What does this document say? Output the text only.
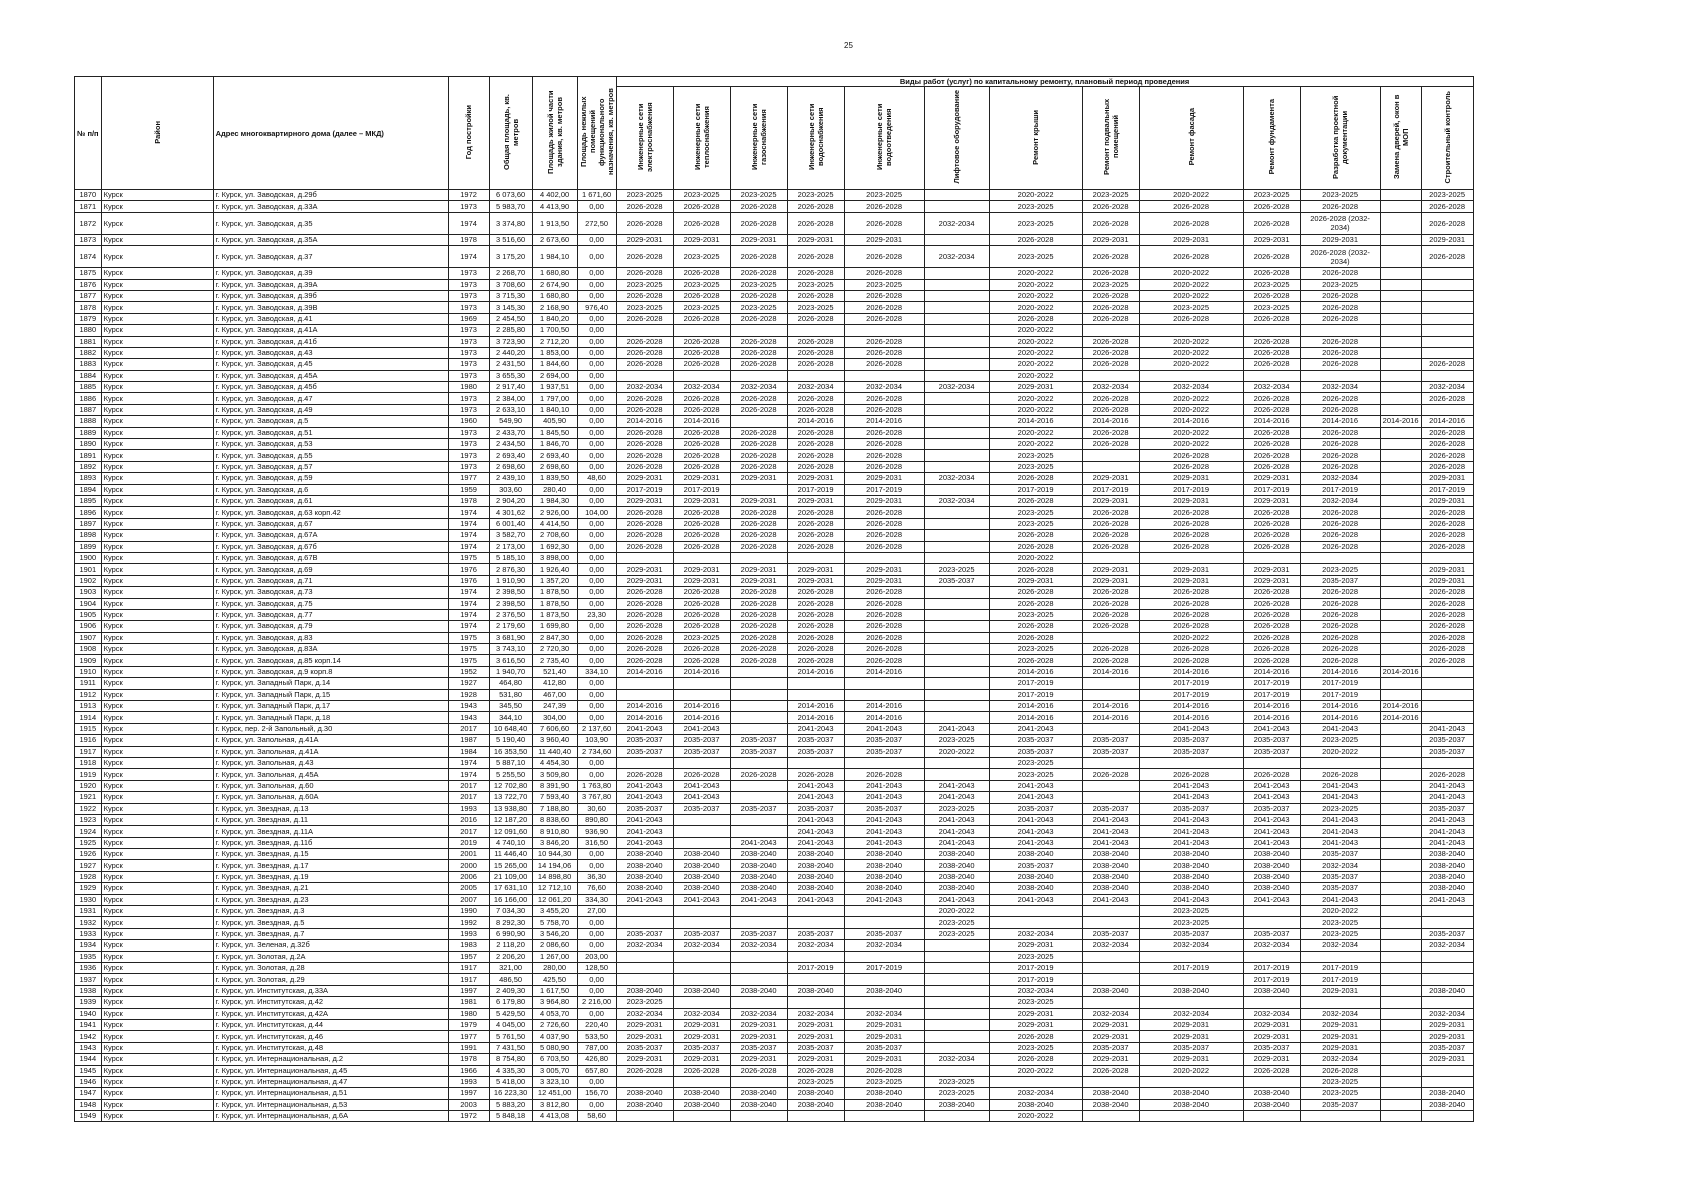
25
№ п/п	Район	Адрес многоквартирного дома (далее – МКД)	Год постройки	Общая площадь, кв. метров	Площадь жилой части здания, кв. метров	Площадь нежилых помещений функционального назначения, кв. метров	Виды работ (услуг) по капитальному ремонту, плановый период проведения												
							Инженерные сети электроснабжения	Инженерные сети теплоснабжения	Инженерные сети газоснабжения	Инженерные сети водоснабжения	Инженерные сети водоотведения	Лифтовое оборудование	Ремонт крыши	Ремонт подвальных помещений	Ремонт фасада	Ремонт фундамента	Разработка проектной документации	Замена дверей, окон в МОП	Строительный контроль
1870	Курск	г. Курск, ул. Заводская, д.29б	1972	6 073,60	4 402,00	1 671,60	2023-2025	2023-2025	2023-2025	2023-2025	2023-2025		2020-2022	2023-2025	2020-2022	2023-2025	2023-2025		2023-2025
1871	Курск	г. Курск, ул. Заводская, д.33А	1973	5 983,70	4 413,90	0,00	2026-2028	2026-2028	2026-2028	2026-2028	2026-2028		2023-2025	2026-2028	2026-2028	2026-2028	2026-2028		2026-2028
1872	Курск	г. Курск, ул. Заводская, д.35	1974	3 374,80	1 913,50	272,50	2026-2028	2026-2028	2026-2028	2026-2028	2026-2028	2032-2034	2023-2025	2026-2028	2026-2028	2026-2028	2026-2028 (2032-2034)		2026-2028
1873	Курск	г. Курск, ул. Заводская, д.35А	1978	3 516,60	2 673,60	0,00	2029-2031	2029-2031	2029-2031	2029-2031	2029-2031		2026-2028	2029-2031	2029-2031	2029-2031	2029-2031		2029-2031
1874	Курск	г. Курск, ул. Заводская, д.37	1974	3 175,20	1 984,10	0,00	2026-2028	2023-2025	2026-2028	2026-2028	2026-2028	2032-2034	2023-2025	2026-2028	2026-2028	2026-2028	2026-2028 (2032-2034)		2026-2028
1875	Курск	г. Курск, ул. Заводская, д.39	1973	2 268,70	1 680,80	0,00	2026-2028	2026-2028	2026-2028	2026-2028	2026-2028		2020-2022	2026-2028	2020-2022	2026-2028	2026-2028		
1876	Курск	г. Курск, ул. Заводская, д.39А	1973	3 708,60	2 674,90	0,00	2023-2025	2023-2025	2023-2025	2023-2025	2023-2025		2020-2022	2023-2025	2020-2022	2023-2025	2023-2025		
1877	Курск	г. Курск, ул. Заводская, д.39б	1973	3 715,30	1 680,80	0,00	2026-2028	2026-2028	2026-2028	2026-2028	2026-2028		2020-2022	2026-2028	2020-2022	2026-2028	2026-2028		
1878	Курск	г. Курск, ул. Заводская, д.39В	1973	3 145,30	2 168,90	976,40	2023-2025	2023-2025	2023-2025	2023-2025	2026-2028		2020-2022	2026-2028	2023-2025	2023-2025	2026-2028		
1879	Курск	г. Курск, ул. Заводская, д.41	1969	2 454,50	1 840,20	0,00	2026-2028	2026-2028	2026-2028	2026-2028	2026-2028		2026-2028	2026-2028	2026-2028	2026-2028	2026-2028		
1880	Курск	г. Курск, ул. Заводская, д.41А	1973	2 285,80	1 700,50	0,00							2020-2022						
1881	Курск	г. Курск, ул. Заводская, д.41б	1973	3 723,90	2 712,20	0,00	2026-2028	2026-2028	2026-2028	2026-2028	2026-2028		2020-2022	2026-2028	2020-2022	2026-2028	2026-2028		
1882	Курск	г. Курск, ул. Заводская, д.43	1973	2 440,20	1 853,00	0,00	2026-2028	2026-2028	2026-2028	2026-2028	2026-2028		2020-2022	2026-2028	2020-2022	2026-2028	2026-2028		
1883	Курск	г. Курск, ул. Заводская, д.45	1973	2 431,50	1 844,60	0,00	2026-2028	2026-2028	2026-2028	2026-2028	2026-2028		2020-2022	2026-2028	2020-2022	2026-2028	2026-2028		2026-2028
1884	Курск	г. Курск, ул. Заводская, д.45А	1973	3 655,30	2 694,00	0,00							2020-2022						
1885	Курск	г. Курск, ул. Заводская, д.45б	1980	2 917,40	1 937,51	0,00	2032-2034	2032-2034	2032-2034	2032-2034	2032-2034	2032-2034	2029-2031	2032-2034	2032-2034	2032-2034	2032-2034		2032-2034
1886	Курск	г. Курск, ул. Заводская, д.47	1973	2 384,00	1 797,00	0,00	2026-2028	2026-2028	2026-2028	2026-2028	2026-2028		2020-2022	2026-2028	2020-2022	2026-2028	2026-2028		2026-2028
1887	Курск	г. Курск, ул. Заводская, д.49	1973	2 633,10	1 840,10	0,00	2026-2028	2026-2028	2026-2028	2026-2028	2026-2028		2020-2022	2026-2028	2020-2022	2026-2028	2026-2028		
1888	Курск	г. Курск, ул. Заводская, д.5	1960	549,90	405,90	0,00	2014-2016	2014-2016		2014-2016	2014-2016		2014-2016	2014-2016	2014-2016	2014-2016	2014-2016	2014-2016	2014-2016
1889	Курск	г. Курск, ул. Заводская, д.51	1973	2 433,70	1 845,50	0,00	2026-2028	2026-2028	2026-2028	2026-2028	2026-2028		2020-2022	2026-2028	2020-2022	2026-2028	2026-2028		2026-2028
1890	Курск	г. Курск, ул. Заводская, д.53	1973	2 434,50	1 846,70	0,00	2026-2028	2026-2028	2026-2028	2026-2028	2026-2028		2020-2022	2026-2028	2020-2022	2026-2028	2026-2028		2026-2028
1891	Курск	г. Курск, ул. Заводская, д.55	1973	2 693,40	2 693,40	0,00	2026-2028	2026-2028	2026-2028	2026-2028	2026-2028		2023-2025		2026-2028	2026-2028	2026-2028		2026-2028
1892	Курск	г. Курск, ул. Заводская, д.57	1973	2 698,60	2 698,60	0,00	2026-2028	2026-2028	2026-2028	2026-2028	2026-2028		2023-2025		2026-2028	2026-2028	2026-2028		2026-2028
1893	Курск	г. Курск, ул. Заводская, д.59	1977	2 439,10	1 839,50	48,60	2029-2031	2029-2031	2029-2031	2029-2031	2029-2031	2032-2034	2026-2028	2029-2031	2029-2031	2029-2031	2032-2034		2029-2031
1894	Курск	г. Курск, ул. Заводская, д.6	1959	303,60	280,40	0,00	2017-2019	2017-2019		2017-2019	2017-2019		2017-2019	2017-2019	2017-2019	2017-2019	2017-2019		2017-2019
1895	Курск	г. Курск, ул. Заводская, д.61	1978	2 904,20	1 984,30	0,00	2029-2031	2029-2031	2029-2031	2029-2031	2029-2031	2032-2034	2026-2028	2029-2031	2029-2031	2029-2031	2032-2034		2029-2031
1896	Курск	г. Курск, ул. Заводская, д.63 корп.42	1974	4 301,62	2 926,00	104,00	2026-2028	2026-2028	2026-2028	2026-2028	2026-2028		2023-2025	2026-2028	2026-2028	2026-2028	2026-2028		2026-2028
1897	Курск	г. Курск, ул. Заводская, д.67	1974	6 001,40	4 414,50	0,00	2026-2028	2026-2028	2026-2028	2026-2028	2026-2028		2023-2025	2026-2028	2026-2028	2026-2028	2026-2028		2026-2028
1898	Курск	г. Курск, ул. Заводская, д.67А	1974	3 582,70	2 708,60	0,00	2026-2028	2026-2028	2026-2028	2026-2028	2026-2028		2026-2028	2026-2028	2026-2028	2026-2028	2026-2028		2026-2028
1899	Курск	г. Курск, ул. Заводская, д.67б	1974	2 173,00	1 692,30	0,00	2026-2028	2026-2028	2026-2028	2026-2028	2026-2028		2026-2028	2026-2028	2026-2028	2026-2028	2026-2028		2026-2028
1900	Курск	г. Курск, ул. Заводская, д.67В	1975	5 185,10	3 898,00	0,00							2020-2022						
1901	Курск	г. Курск, ул. Заводская, д.69	1976	2 876,30	1 926,40	0,00	2029-2031	2029-2031	2029-2031	2029-2031	2029-2031	2023-2025	2026-2028	2029-2031	2029-2031	2029-2031	2023-2025		2029-2031
1902	Курск	г. Курск, ул. Заводская, д.71	1976	1 910,90	1 357,20	0,00	2029-2031	2029-2031	2029-2031	2029-2031	2029-2031	2035-2037	2029-2031	2029-2031	2029-2031	2029-2031	2035-2037		2029-2031
1903	Курск	г. Курск, ул. Заводская, д.73	1974	2 398,50	1 878,50	0,00	2026-2028	2026-2028	2026-2028	2026-2028	2026-2028		2026-2028	2026-2028	2026-2028	2026-2028	2026-2028		2026-2028
1904	Курск	г. Курск, ул. Заводская, д.75	1974	2 398,50	1 878,50	0,00	2026-2028	2026-2028	2026-2028	2026-2028	2026-2028		2026-2028	2026-2028	2026-2028	2026-2028	2026-2028		2026-2028
1905	Курск	г. Курск, ул. Заводская, д.77	1974	2 376,50	1 873,50	23,30	2026-2028	2026-2028	2026-2028	2026-2028	2026-2028		2023-2025	2026-2028	2026-2028	2026-2028	2026-2028		2026-2028
1906	Курск	г. Курск, ул. Заводская, д.79	1974	2 179,60	1 699,80	0,00	2026-2028	2026-2028	2026-2028	2026-2028	2026-2028		2026-2028	2026-2028	2026-2028	2026-2028	2026-2028		2026-2028
1907	Курск	г. Курск, ул. Заводская, д.83	1975	3 681,90	2 847,30	0,00	2026-2028	2023-2025	2026-2028	2026-2028	2026-2028		2026-2028		2020-2022	2026-2028	2026-2028		2026-2028
1908	Курск	г. Курск, ул. Заводская, д.83А	1975	3 743,10	2 720,30	0,00	2026-2028	2026-2028	2026-2028	2026-2028	2026-2028		2023-2025	2026-2028	2026-2028	2026-2028	2026-2028		2026-2028
1909	Курск	г. Курск, ул. Заводская, д.85 корп.14	1975	3 616,50	2 735,40	0,00	2026-2028	2026-2028	2026-2028	2026-2028	2026-2028		2026-2028	2026-2028	2026-2028	2026-2028	2026-2028		2026-2028
1910	Курск	г. Курск, ул. Заводская, д.9 корп.8	1952	1 940,70	521,40	334,10	2014-2016	2014-2016		2014-2016	2014-2016		2014-2016	2014-2016	2014-2016	2014-2016	2014-2016	2014-2016	
1911	Курск	г. Курск, ул. Западный Парк, д.14	1927	464,80	412,80	0,00							2017-2019		2017-2019	2017-2019	2017-2019		
1912	Курск	г. Курск, ул. Западный Парк, д.15	1928	531,80	467,00	0,00							2017-2019		2017-2019	2017-2019	2017-2019		
1913	Курск	г. Курск, ул. Западный Парк, д.17	1943	345,50	247,39	0,00	2014-2016	2014-2016		2014-2016	2014-2016		2014-2016	2014-2016	2014-2016	2014-2016	2014-2016	2014-2016	
1914	Курск	г. Курск, ул. Западный Парк, д.18	1943	344,10	304,00	0,00	2014-2016	2014-2016		2014-2016	2014-2016		2014-2016	2014-2016	2014-2016	2014-2016	2014-2016	2014-2016	
1915	Курск	г. Курск, пер. 2-й Запольный, д.30	2017	10 648,40	7 606,60	2 137,60	2041-2043	2041-2043		2041-2043	2041-2043	2041-2043	2041-2043		2041-2043	2041-2043	2041-2043		2041-2043
1916	Курск	г. Курск, ул. Запольная, д.41А	1987	5 190,40	3 960,40	103,90	2035-2037	2035-2037	2035-2037	2035-2037	2035-2037	2023-2025	2035-2037	2035-2037	2035-2037	2035-2037	2023-2025		2035-2037
1917	Курск	г. Курск, ул. Запольная, д.41А	1984	16 353,50	11 440,40	2 734,60	2035-2037	2035-2037	2035-2037	2035-2037	2035-2037	2020-2022	2035-2037	2035-2037	2035-2037	2035-2037	2020-2022		2035-2037
1918	Курск	г. Курск, ул. Запольная, д.43	1974	5 887,10	4 454,30	0,00							2023-2025						
1919	Курск	г. Курск, ул. Запольная, д.45А	1974	5 255,50	3 509,80	0,00	2026-2028	2026-2028	2026-2028	2026-2028	2026-2028		2023-2025	2026-2028	2026-2028	2026-2028	2026-2028		2026-2028
1920	Курск	г. Курск, ул. Запольная, д.60	2017	12 702,80	8 391,90	1 763,80	2041-2043	2041-2043		2041-2043	2041-2043	2041-2043	2041-2043		2041-2043	2041-2043	2041-2043		2041-2043
1921	Курск	г. Курск, ул. Запольная, д.60А	2017	13 722,70	7 593,40	3 767,80	2041-2043	2041-2043		2041-2043	2041-2043	2041-2043	2041-2043		2041-2043	2041-2043	2041-2043		2041-2043
1922	Курск	г. Курск, ул. Звездная, д.13	1993	13 938,80	7 188,80	30,60	2035-2037	2035-2037	2035-2037	2035-2037	2035-2037	2023-2025	2035-2037	2035-2037	2035-2037	2035-2037	2023-2025		2035-2037
1923	Курск	г. Курск, ул. Звездная, д.11	2016	12 187,20	8 838,60	890,80	2041-2043			2041-2043	2041-2043	2041-2043	2041-2043	2041-2043	2041-2043	2041-2043	2041-2043		2041-2043
1924	Курск	г. Курск, ул. Звездная, д.11А	2017	12 091,60	8 910,80	936,90	2041-2043			2041-2043	2041-2043	2041-2043	2041-2043	2041-2043	2041-2043	2041-2043	2041-2043		2041-2043
1925	Курск	г. Курск, ул. Звездная, д.11б	2019	4 740,10	3 846,20	316,50	2041-2043		2041-2043	2041-2043	2041-2043	2041-2043	2041-2043	2041-2043	2041-2043	2041-2043	2041-2043		2041-2043
1926	Курск	г. Курск, ул. Звездная, д.15	2001	11 446,40	10 944,30	0,00	2038-2040	2038-2040	2038-2040	2038-2040	2038-2040	2038-2040	2038-2040	2038-2040	2038-2040	2038-2040	2035-2037		2038-2040
1927	Курск	г. Курск, ул. Звездная, д.17	2000	15 265,00	14 194,06	0,00	2038-2040	2038-2040	2038-2040	2038-2040	2038-2040	2038-2040	2035-2037	2038-2040	2038-2040	2038-2040	2032-2034		2038-2040
1928	Курск	г. Курск, ул. Звездная, д.19	2006	21 109,00	14 898,80	36,30	2038-2040	2038-2040	2038-2040	2038-2040	2038-2040	2038-2040	2038-2040	2038-2040	2038-2040	2038-2040	2035-2037		2038-2040
1929	Курск	г. Курск, ул. Звездная, д.21	2005	17 631,10	12 712,10	76,60	2038-2040	2038-2040	2038-2040	2038-2040	2038-2040	2038-2040	2038-2040	2038-2040	2038-2040	2038-2040	2035-2037		2038-2040
1930	Курск	г. Курск, ул. Звездная, д.23	2007	16 166,00	12 061,20	334,30	2041-2043	2041-2043	2041-2043	2041-2043	2041-2043	2041-2043	2041-2043	2041-2043	2041-2043	2041-2043	2041-2043		2041-2043
1931	Курск	г. Курск, ул. Звездная, д.3	1990	7 034,30	3 455,20	27,00						2020-2022			2023-2025		2020-2022		
1932	Курск	г. Курск, ул. Звездная, д.5	1992	8 292,30	5 758,70	0,00						2023-2025			2023-2025		2023-2025		
1933	Курск	г. Курск, ул. Звездная, д.7	1993	6 990,90	3 546,20	0,00	2035-2037	2035-2037	2035-2037	2035-2037	2035-2037	2023-2025	2032-2034	2035-2037	2035-2037	2035-2037	2023-2025		2035-2037
1934	Курск	г. Курск, ул. Зеленая, д.32б	1983	2 118,20	2 086,60	0,00	2032-2034	2032-2034	2032-2034	2032-2034	2032-2034		2029-2031	2032-2034	2032-2034	2032-2034	2032-2034		2032-2034
1935	Курск	г. Курск, ул. Золотая, д.2А	1957	2 206,20	1 267,00	203,00							2023-2025						
1936	Курск	г. Курск, ул. Золотая, д.28	1917	321,00	280,00	128,50				2017-2019	2017-2019		2017-2019		2017-2019	2017-2019	2017-2019		
1937	Курск	г. Курск, ул. Золотая, д.29	1917	486,50	425,50	0,00							2017-2019			2017-2019	2017-2019		
1938	Курск	г. Курск, ул. Институтская, д.33А	1997	2 409,30	1 617,50	0,00	2038-2040	2038-2040	2038-2040	2038-2040	2038-2040		2032-2034	2038-2040	2038-2040	2038-2040	2029-2031		2038-2040
1939	Курск	г. Курск, ул. Институтская, д.42	1981	6 179,80	3 964,80	2 216,00	2023-2025						2023-2025						
1940	Курск	г. Курск, ул. Институтская, д.42А	1980	5 429,50	4 053,70	0,00	2032-2034	2032-2034	2032-2034	2032-2034	2032-2034		2029-2031	2032-2034	2032-2034	2032-2034	2032-2034		2032-2034
1941	Курск	г. Курск, ул. Институтская, д.44	1979	4 045,00	2 726,60	220,40	2029-2031	2029-2031	2029-2031	2029-2031	2029-2031		2029-2031	2029-2031	2029-2031	2029-2031	2029-2031		2029-2031
1942	Курск	г. Курск, ул. Институтская, д.46	1977	5 761,50	4 037,90	533,50	2029-2031	2029-2031	2029-2031	2029-2031	2029-2031		2026-2028	2029-2031	2029-2031	2029-2031	2029-2031		2029-2031
1943	Курск	г. Курск, ул. Институтская, д.48	1991	7 431,50	5 080,90	787,00	2035-2037	2035-2037	2035-2037	2035-2037	2035-2037		2023-2025	2035-2037	2035-2037	2035-2037	2029-2031		2035-2037
1944	Курск	г. Курск, ул. Интернациональная, д.2	1978	8 754,80	6 703,50	426,80	2029-2031	2029-2031	2029-2031	2029-2031	2029-2031	2032-2034	2026-2028	2029-2031	2029-2031	2029-2031	2032-2034		2029-2031
1945	Курск	г. Курск, ул. Интернациональная, д.45	1966	4 335,30	3 005,70	657,80	2026-2028	2026-2028	2026-2028	2026-2028	2026-2028		2020-2022	2026-2028	2020-2022	2026-2028	2026-2028		
1946	Курск	г. Курск, ул. Интернациональная, д.47	1993	5 418,00	3 323,10	0,00				2023-2025	2023-2025	2023-2025					2023-2025		
1947	Курск	г. Курск, ул. Интернациональная, д.51	1997	16 223,30	12 451,00	156,70	2038-2040	2038-2040	2038-2040	2038-2040	2038-2040	2023-2025	2032-2034	2038-2040	2038-2040	2038-2040	2023-2025		2038-2040
1948	Курск	г. Курск, ул. Интернациональная, д.53	2003	5 883,20	3 812,80	0,00	2038-2040	2038-2040	2038-2040	2038-2040	2038-2040	2038-2040	2038-2040	2038-2040	2038-2040	2038-2040	2035-2037		2038-2040
1949	Курск	г. Курск, ул. Интернациональная, д.6А	1972	5 848,18	4 413,08	58,60							2020-2022						
